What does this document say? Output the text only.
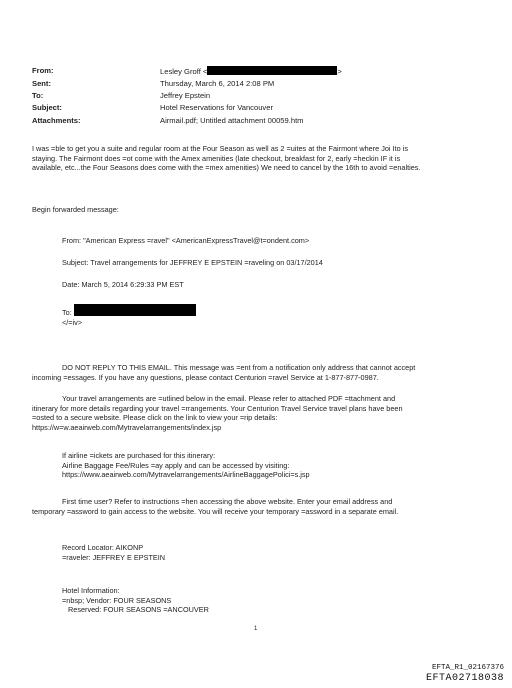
From:	Lesley Groff <	>
Sent:	Thursday, March 6, 2014 2:08 PM
To:	Jeffrey Epstein
Subject:	Hotel Reservations for Vancouver
Attachments:	Airmail.pdf; Untitled attachment 00059.htm
I was =ble to get you a suite and regular room at the Four Season as well as 2 =uites at the Fairmont where Joi Ito is
staying. The Fairmont does =ot come with the Amex amenities (late checkout, breakfast for 2, early =heckin IF it is
available, etc...the Four Seasons does come with the =mex amenities) We need to cancel by the 16th to avoid =enalties.
Begin forwarded message:
From: "American Express =ravel" <AmericanExpressTravel@t=ondent.com>
Subject: Travel arrangements for JEFFREY E EPSTEIN =raveling on 03/17/2014
Date: March 5, 2014 6:29:33 PM EST
To:
</=iv>
DO NOT REPLY TO THIS EMAIL. This message was =ent from a notification only address that cannot accept
incoming =essages. If you have any questions, please contact Centurion =ravel Service at 1-877-877-0987.
Your travel arrangements are =utlined below in the email. Please refer to attached PDF =ttachment and
itinerary for more details regarding your travel =rrangements. Your Centurion Travel Service travel plans have been
=osted to a secure website. Please click on the link to view your =rip details:
https://w=w.aeairweb.com/Mytravelarrangements/index.jsp
If airline =ickets are purchased for this itinerary:
Airline Baggage Fee/Rules =ay apply and can be accessed by visiting:
https://www.aeairweb.com/Mytravelarrangements/AirlineBaggagePolici=s.jsp
First time user? Refer to instructions =hen accessing the above website. Enter your email address and
temporary =assword to gain access to the website. You will receive your temporary =assword in a separate email.
Record Locator: AIKONP
=raveler: JEFFREY E EPSTEIN
Hotel Information:
=nbsp; Vendor: FOUR SEASONS
Reserved: FOUR SEASONS =ANCOUVER
1
EFTA_R1_02167376
EFTA02718038
